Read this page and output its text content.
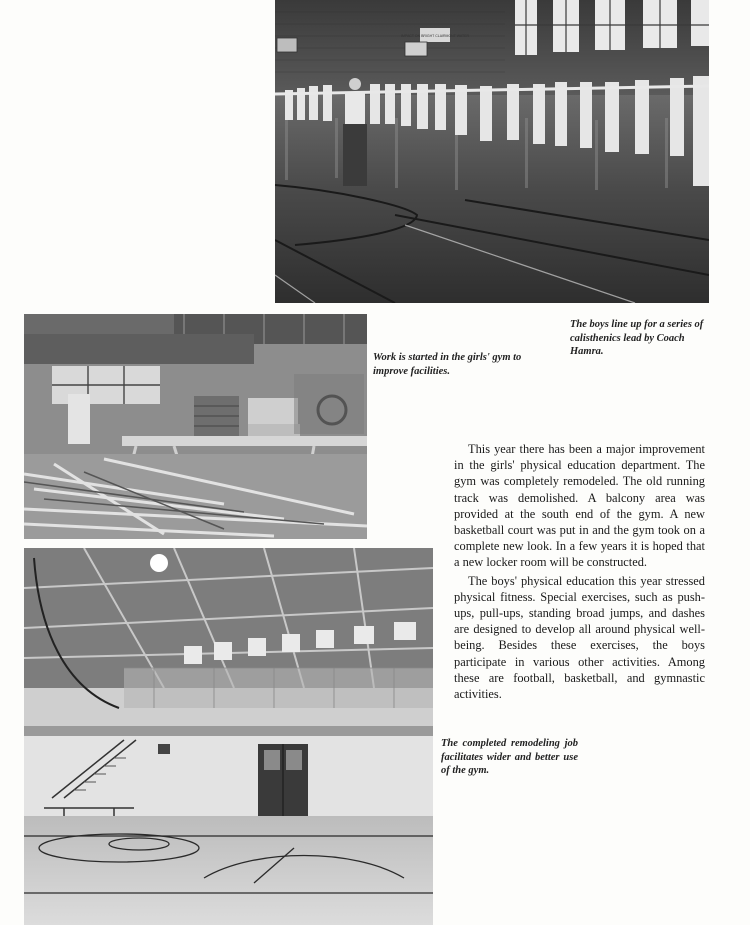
IMPACT ON BRIGHT CLAIRMONT WATER
The boys line up for a series of calisthenics lead by Coach Hamra.
Work is started in the girls' gym to improve facilities.

This year there has been a major improvement in the girls' physical education department. The gym was completely remodeled. The old running track was demolished. A balcony area was provided at the south end of the gym. A new basketball court was put in and the gym took on a complete new look. In a few years it is hoped that a new locker room will be constructed.

The boys' physical education this year stressed physical fitness. Special exercises, such as push-ups, pull-ups, standing broad jumps, and dashes are designed to develop all around physical well-being. Besides these exercises, the boys participate in various other activities. Among these are football, basketball, and gymnastic activities.

The completed remodeling job facilitates wider and better use of the gym.
